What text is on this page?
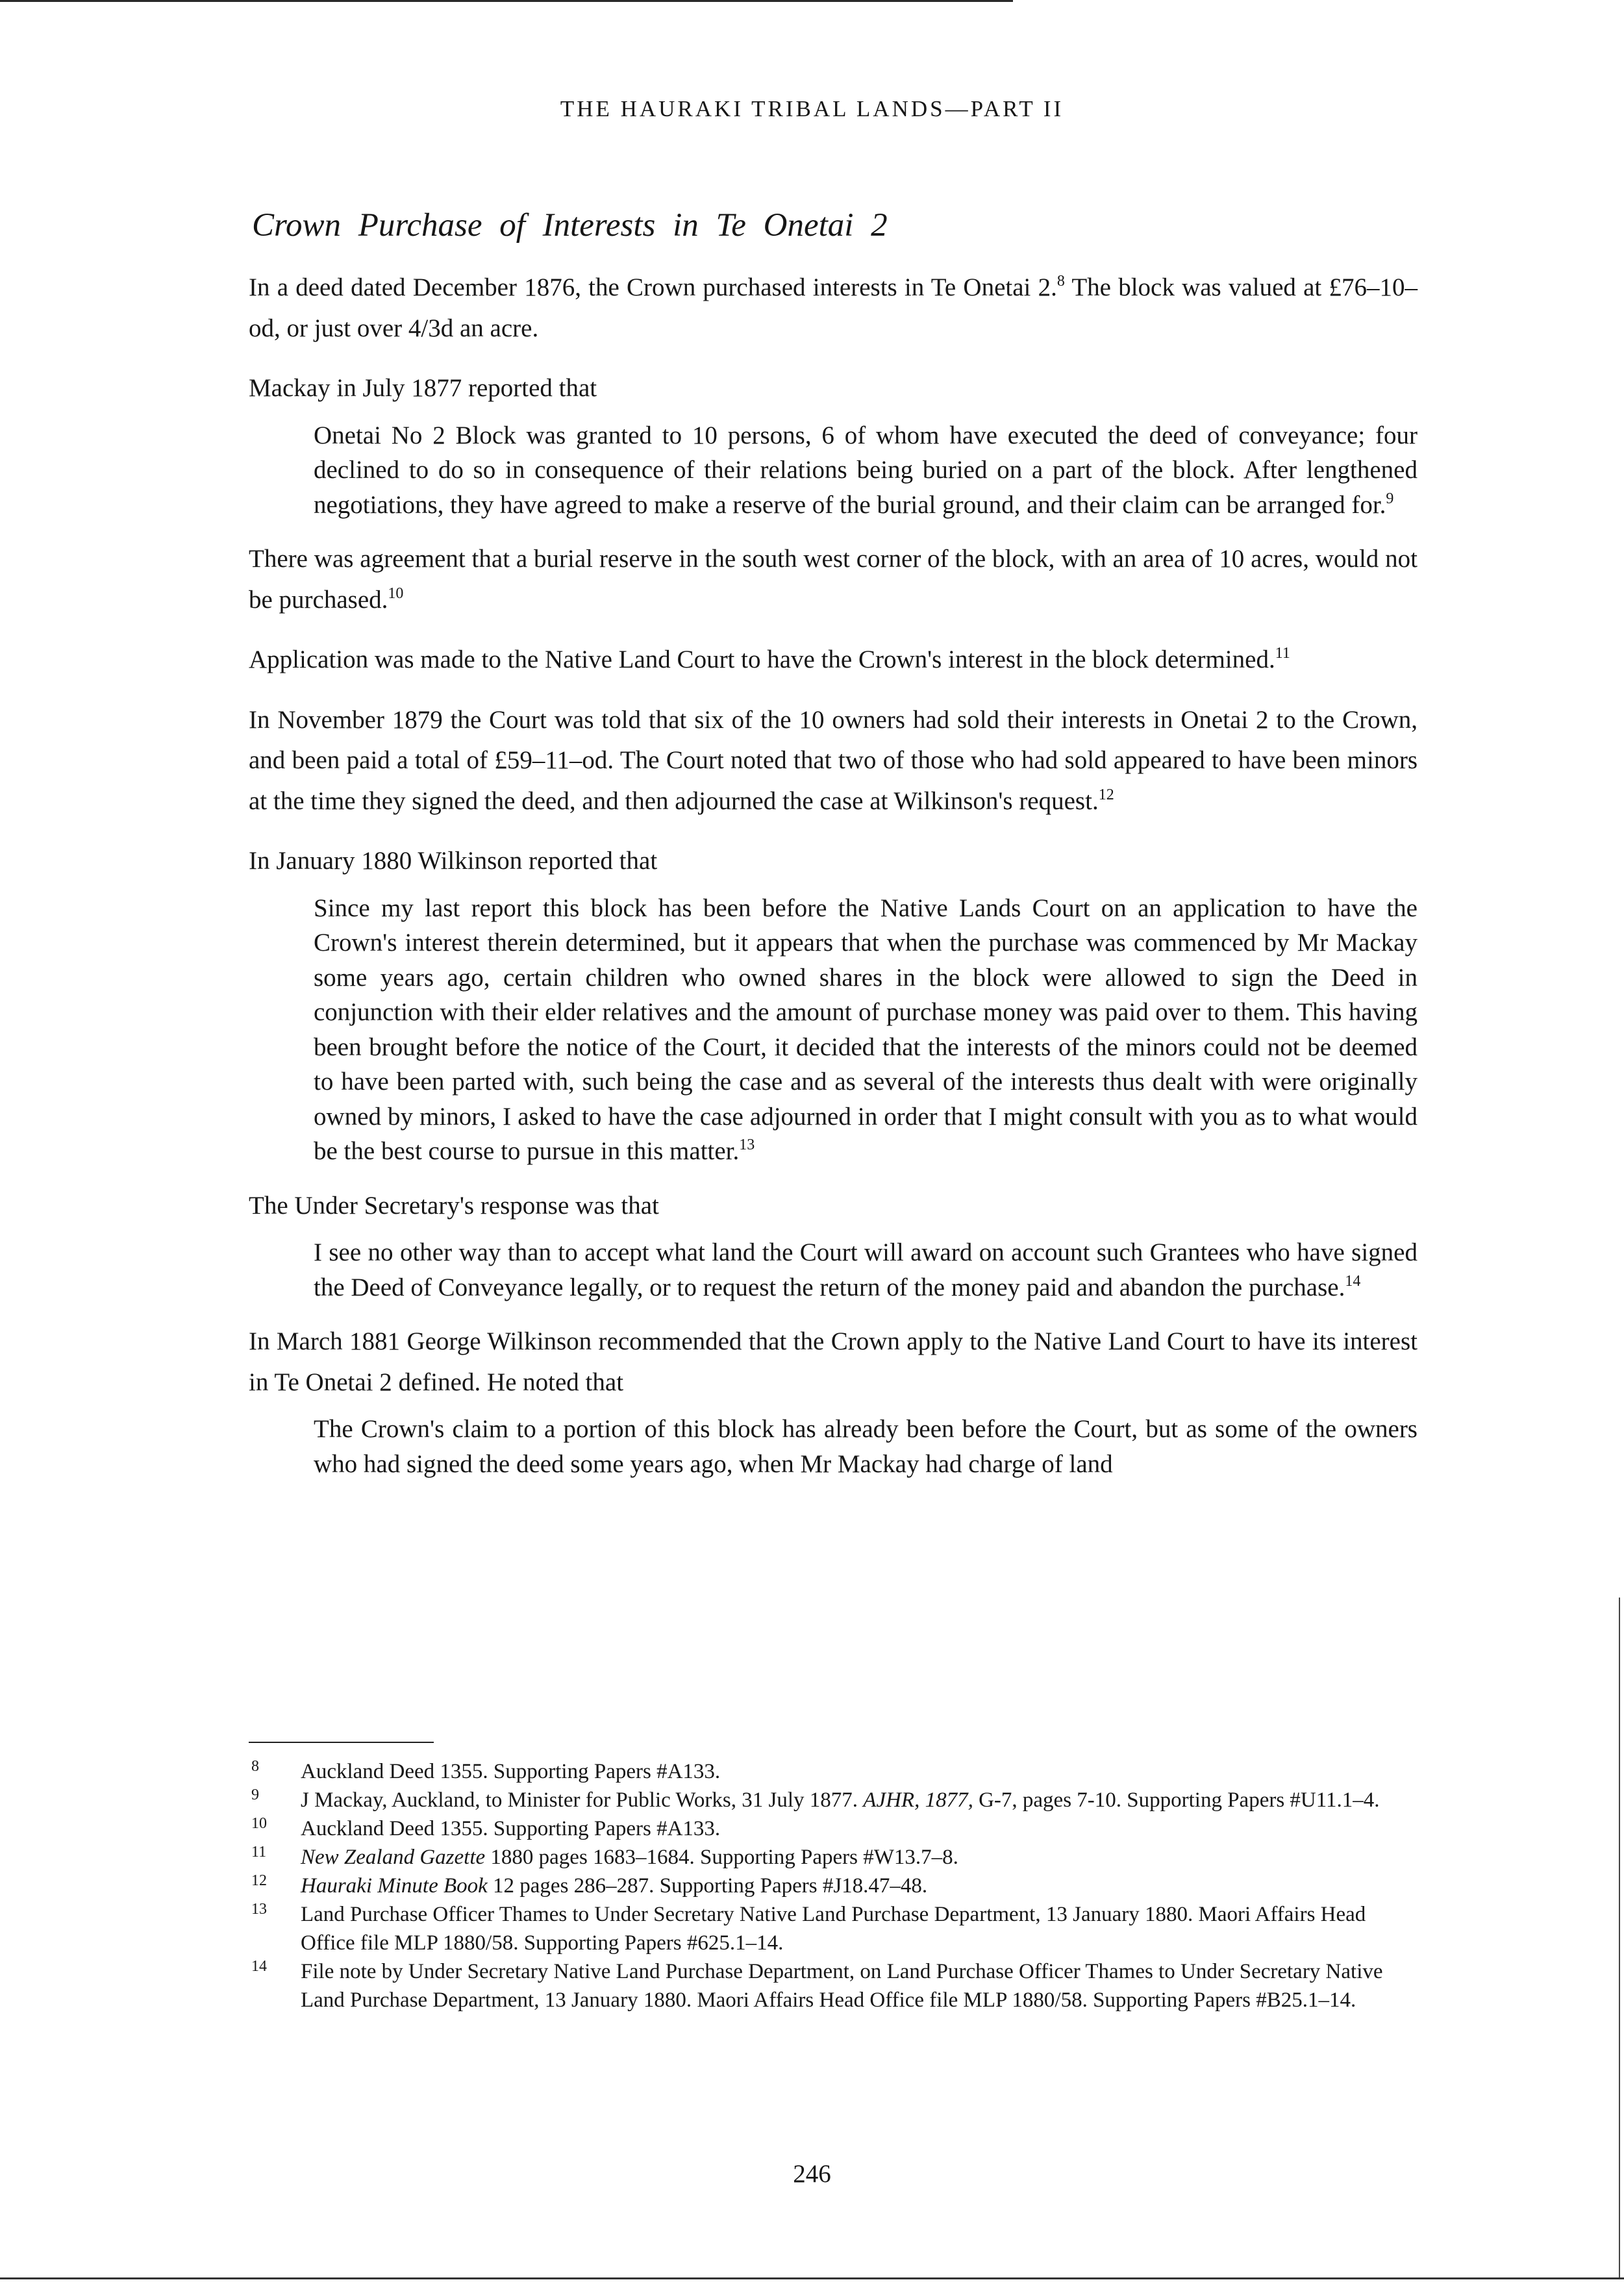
THE HAURAKI TRIBAL LANDS—PART II
Crown Purchase of Interests in Te Onetai 2

In a deed dated December 1876, the Crown purchased interests in Te Onetai 2.$^8$ The block was valued at £76–10–od, or just over 4/3d an acre.

Mackay in July 1877 reported that

Onetai No 2 Block was granted to 10 persons, 6 of whom have executed the deed of conveyance; four declined to do so in consequence of their relations being buried on a part of the block. After lengthened negotiations, they have agreed to make a reserve of the burial ground, and their claim can be arranged for.$^9$

There was agreement that a burial reserve in the south west corner of the block, with an area of 10 acres, would not be purchased.$^{10}$

Application was made to the Native Land Court to have the Crown's interest in the block determined.$^{11}$

In November 1879 the Court was told that six of the 10 owners had sold their interests in Onetai 2 to the Crown, and been paid a total of £59–11–od. The Court noted that two of those who had sold appeared to have been minors at the time they signed the deed, and then adjourned the case at Wilkinson's request.$^{12}$

In January 1880 Wilkinson reported that

Since my last report this block has been before the Native Lands Court on an application to have the Crown's interest therein determined, but it appears that when the purchase was commenced by Mr Mackay some years ago, certain children who owned shares in the block were allowed to sign the Deed in conjunction with their elder relatives and the amount of purchase money was paid over to them. This having been brought before the notice of the Court, it decided that the interests of the minors could not be deemed to have been parted with, such being the case and as several of the interests thus dealt with were originally owned by minors, I asked to have the case adjourned in order that I might consult with you as to what would be the best course to pursue in this matter.$^{13}$

The Under Secretary's response was that

I see no other way than to accept what land the Court will award on account such Grantees who have signed the Deed of Conveyance legally, or to request the return of the money paid and abandon the purchase.$^{14}$

In March 1881 George Wilkinson recommended that the Crown apply to the Native Land Court to have its interest in Te Onetai 2 defined. He noted that

The Crown's claim to a portion of this block has already been before the Court, but as some of the owners who had signed the deed some years ago, when Mr Mackay had charge of land
8 Auckland Deed 1355. Supporting Papers #A133.
9 J Mackay, Auckland, to Minister for Public Works, 31 July 1877. AJHR, 1877, G-7, pages 7-10. Supporting Papers #U11.1–4.
10 Auckland Deed 1355. Supporting Papers #A133.
11 New Zealand Gazette 1880 pages 1683–1684. Supporting Papers #W13.7–8.
12 Hauraki Minute Book 12 pages 286–287. Supporting Papers #J18.47–48.
13 Land Purchase Officer Thames to Under Secretary Native Land Purchase Department, 13 January 1880. Maori Affairs Head Office file MLP 1880/58. Supporting Papers #625.1–14.
14 File note by Under Secretary Native Land Purchase Department, on Land Purchase Officer Thames to Under Secretary Native Land Purchase Department, 13 January 1880. Maori Affairs Head Office file MLP 1880/58. Supporting Papers #B25.1–14.
246
